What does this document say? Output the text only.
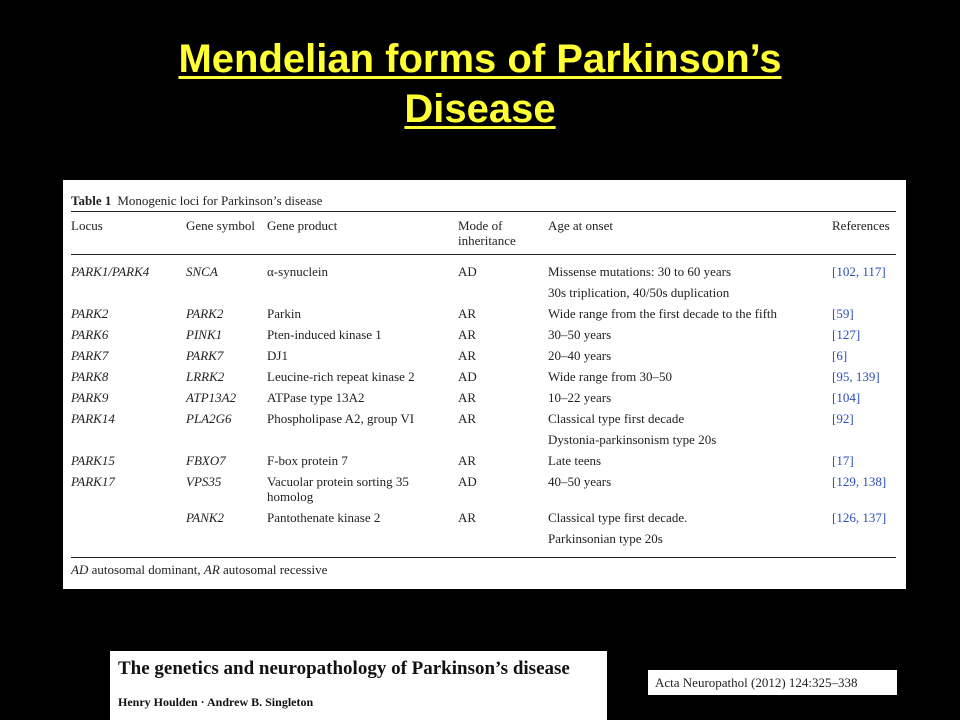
Mendelian forms of Parkinson’s
Disease
Table 1 Monogenic loci for Parkinson’s disease
Locus	Gene symbol	Gene product	Mode of inheritance	Age at onset	References
PARK1/PARK4	SNCA	α-synuclein	AD	Missense mutations: 30 to 60 years	[102, 117]
				30s triplication, 40/50s duplication	
PARK2	PARK2	Parkin	AR	Wide range from the first decade to the fifth	[59]
PARK6	PINK1	Pten-induced kinase 1	AR	30–50 years	[127]
PARK7	PARK7	DJ1	AR	20–40 years	[6]
PARK8	LRRK2	Leucine-rich repeat kinase 2	AD	Wide range from 30–50	[95, 139]
PARK9	ATP13A2	ATPase type 13A2	AR	10–22 years	[104]
PARK14	PLA2G6	Phospholipase A2, group VI	AR	Classical type first decade	[92]
				Dystonia-parkinsonism type 20s	
PARK15	FBXO7	F-box protein 7	AR	Late teens	[17]
PARK17	VPS35	Vacuolar protein sorting 35 homolog	AD	40–50 years	[129, 138]
	PANK2	Pantothenate kinase 2	AR	Classical type first decade.	[126, 137]
				Parkinsonian type 20s	
AD autosomal dominant, AR autosomal recessive
The genetics and neuropathology of Parkinson’s disease
Henry Houlden · Andrew B. Singleton
Acta Neuropathol (2012) 124:325–338
